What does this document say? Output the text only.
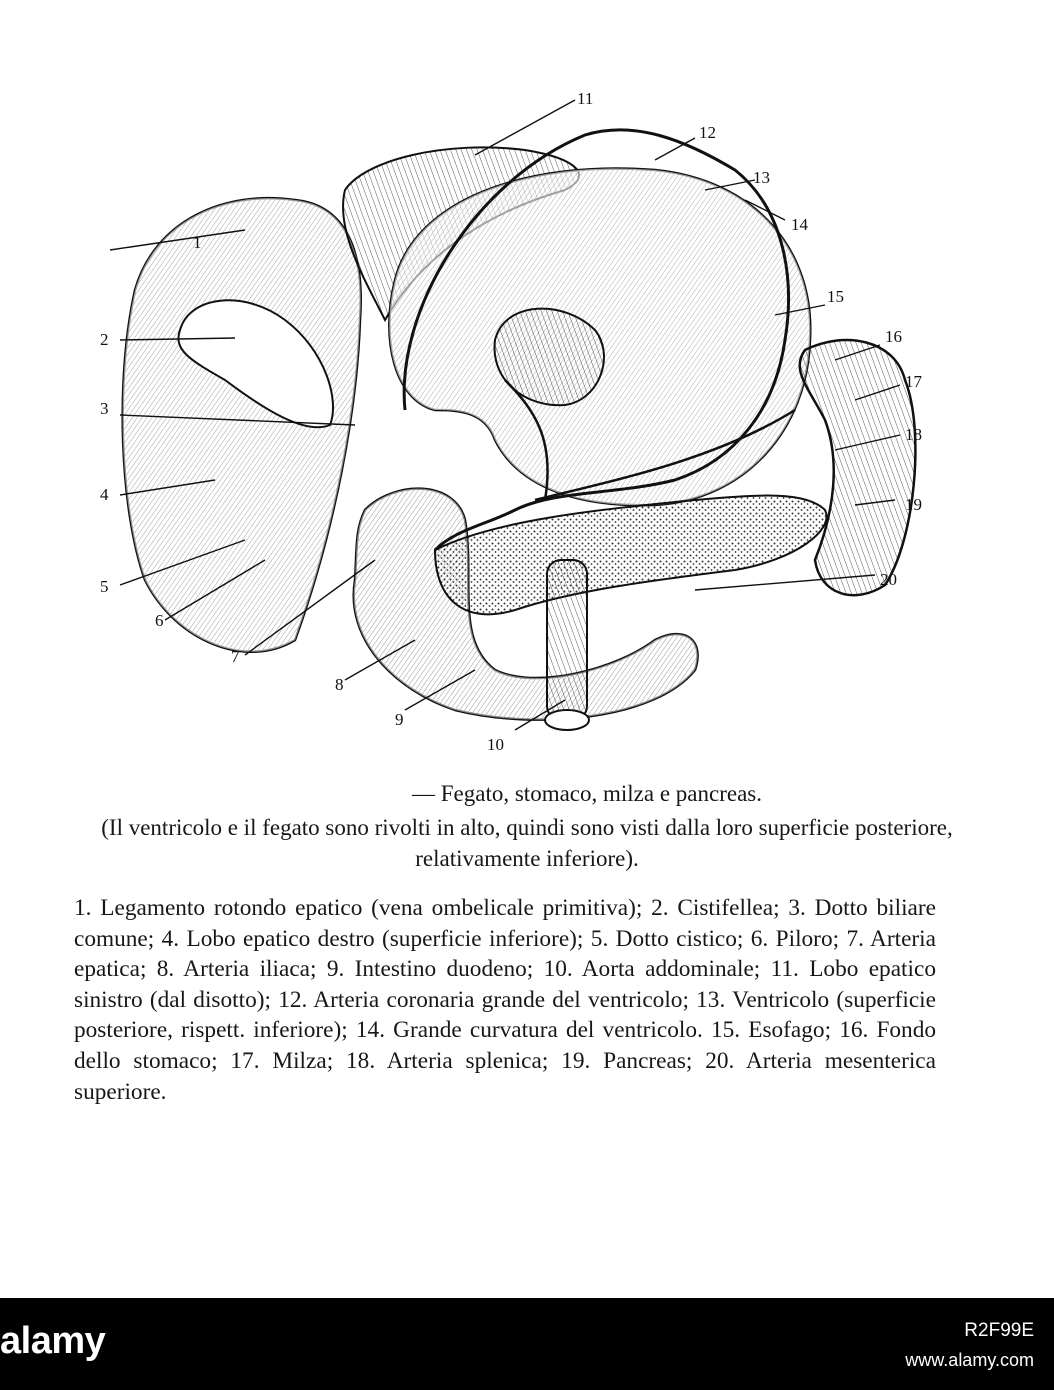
1
2
3
4
5
6
7
8
9
10
11
12
13
14
15
16
17
18
19
20
— Fegato, stomaco, milza e pancreas.
(Il ventricolo e il fegato sono rivolti in alto, quindi sono visti dalla loro superficie posteriore, relativamente inferiore).
1. Legamento rotondo epatico (vena ombelicale primitiva); 2. Cistifellea; 3. Dotto biliare comune; 4. Lobo epatico destro (superficie inferiore); 5. Dotto cistico; 6. Piloro; 7. Arteria epatica; 8. Arteria iliaca; 9. Intestino duodeno; 10. Aorta addominale; 11. Lobo epatico sinistro (dal disotto); 12. Arteria coronaria grande del ventricolo; 13. Ventricolo (superficie posteriore, rispett. inferiore); 14. Grande curvatura del ventricolo. 15. Esofago; 16. Fondo dello stomaco; 17. Milza; 18. Arteria splenica; 19. Pancreas; 20. Arteria mesenterica superiore.
alamy	R2F99E
www.alamy.com
